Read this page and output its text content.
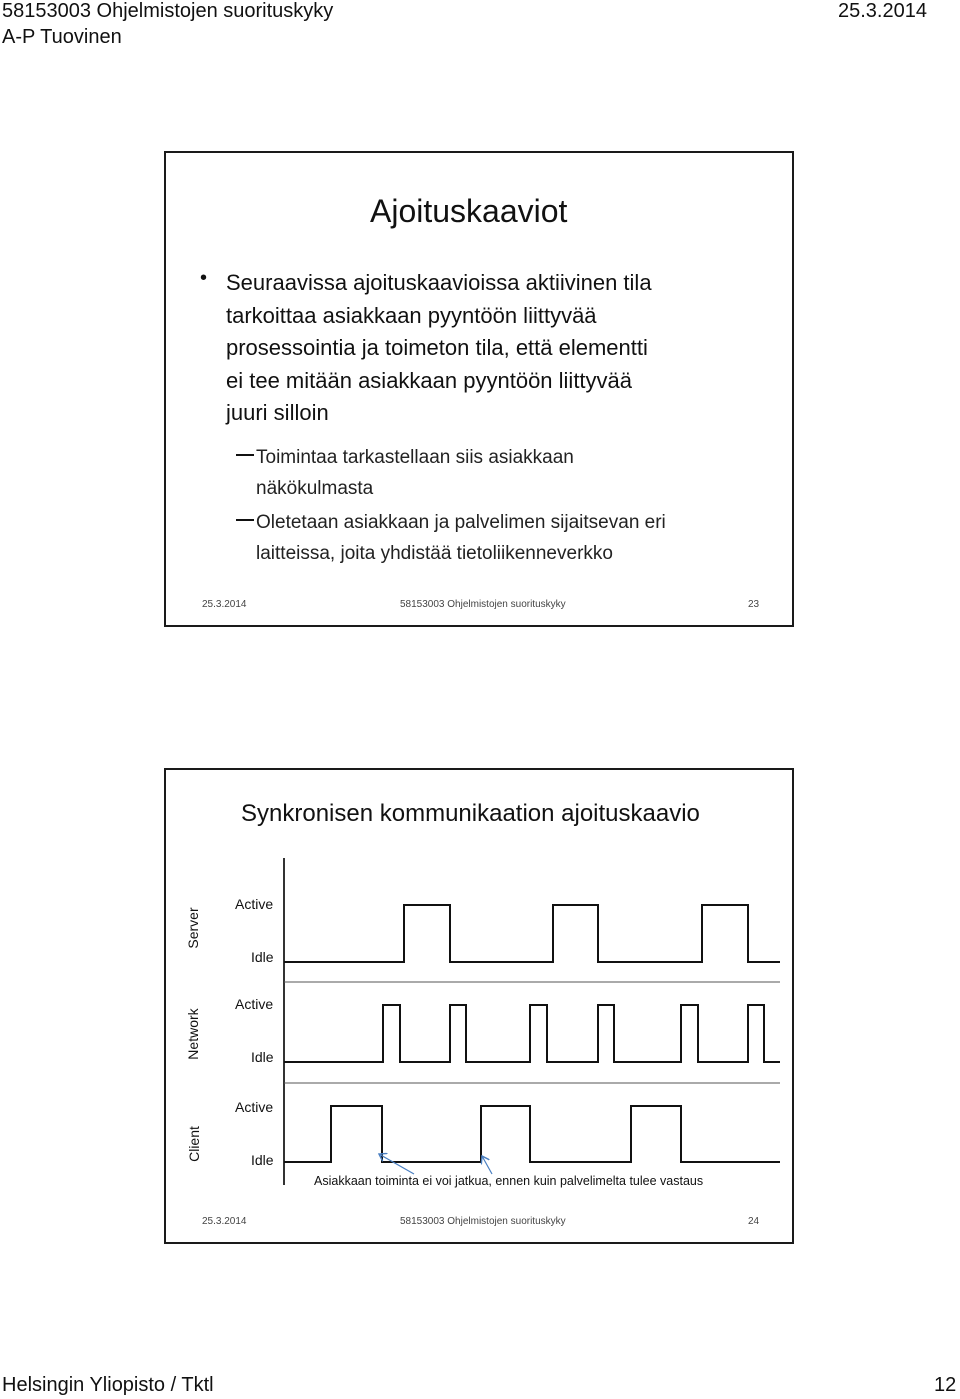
58153003 Ohjelmistojen suorituskyky	25.3.2014
A-P Tuovinen
Ajoituskaaviot
• Seuraavissa ajoituskaavioissa aktiivinen tila
tarkoittaa asiakkaan pyyntöön liittyvää
prosessointia ja toimeton tila, että elementti
ei tee mitään asiakkaan pyyntöön liittyvää
juuri silloin
Toimintaa tarkastellaan siis asiakkaan
näkökulmasta
Oletetaan asiakkaan ja palvelimen sijaitsevan eri
laitteissa, joita yhdistää tietoliikenneverkko
25.3.2014	58153003 Ohjelmistojen suorituskyky	23
Synkronisen kommunikaation ajoituskaavio
Server
Network
Client
Active
Idle
Active
Idle
Active
Idle
Asiakkaan toiminta ei voi jatkua, ennen kuin palvelimelta tulee vastaus
25.3.2014	58153003 Ohjelmistojen suorituskyky	24
Helsingin Yliopisto / Tktl	12
